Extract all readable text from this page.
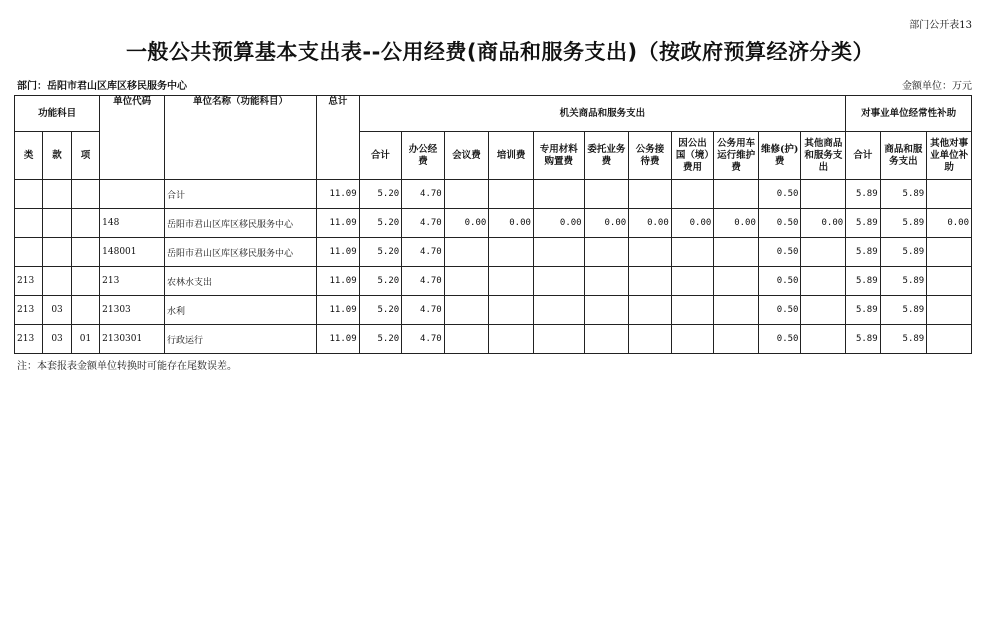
部门公开表13
一般公共预算基本支出表--公用经费(商品和服务支出)（按政府预算经济分类）
部门：岳阳市君山区库区移民服务中心	金额单位：万元
功能科目			单位代码	单位名称（功能科目）	总计	机关商品和服务支出											对事业单位经常性补助		
类	款	项				合计	办公经费	会议费	培训费	专用材料购置费	委托业务费	公务接待费	因公出国（境）费用	公务用车运行维护费	维修(护)费	其他商品和服务支出	合计	商品和服务支出	其他对事业单位补助
				合计	11.09	5.20	4.70								0.50		5.89	5.89	
			148	岳阳市君山区库区移民服务中心	11.09	5.20	4.70	0.00	0.00	0.00	0.00	0.00	0.00	0.00	0.50	0.00	5.89	5.89	0.00
			148001	岳阳市君山区库区移民服务中心	11.09	5.20	4.70								0.50		5.89	5.89	
213			213	农林水支出	11.09	5.20	4.70								0.50		5.89	5.89	
213	03		21303	水利	11.09	5.20	4.70								0.50		5.89	5.89	
213	03	01	2130301	行政运行	11.09	5.20	4.70								0.50		5.89	5.89	
注：本套报表金额单位转换时可能存在尾数误差。
